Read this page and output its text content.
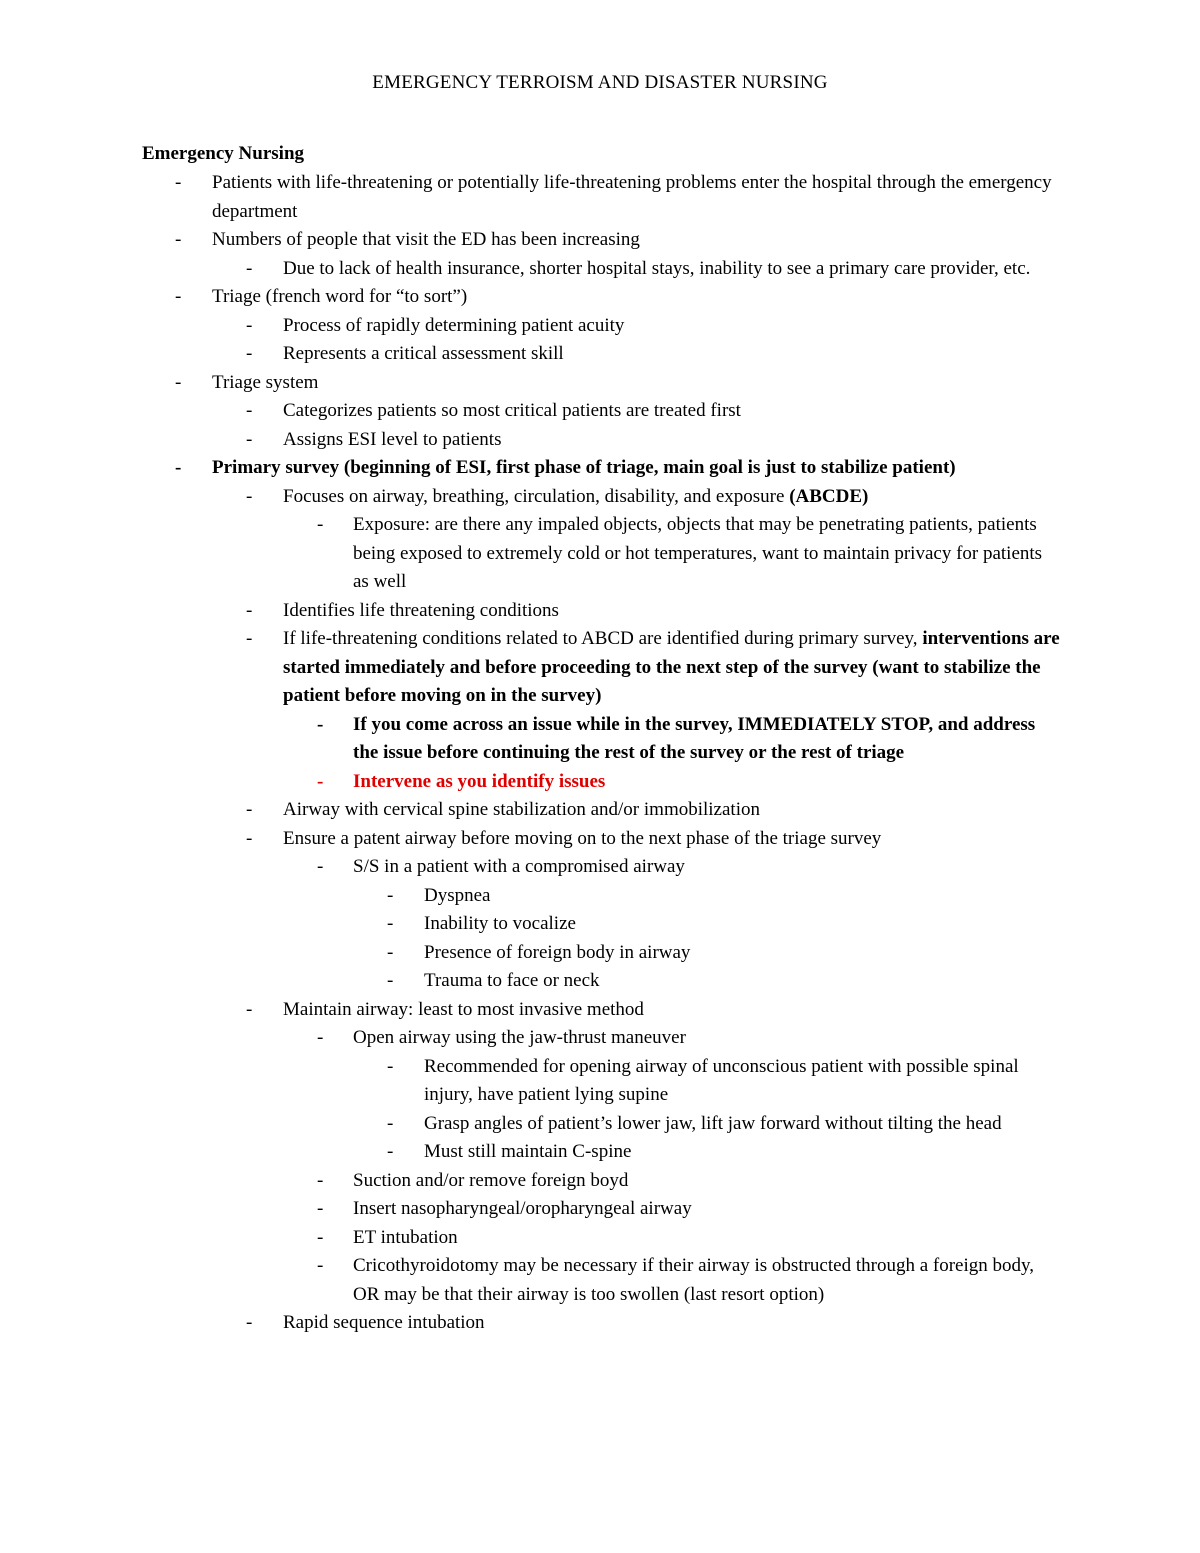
EMERGENCY TERROISM AND DISASTER NURSING
Emergency Nursing
- Patients with life-threatening or potentially life-threatening problems enter the hospital through the emergency department
- Numbers of people that visit the ED has been increasing
- Due to lack of health insurance, shorter hospital stays, inability to see a primary care provider, etc.
- Triage (french word for “to sort”)
- Process of rapidly determining patient acuity
- Represents a critical assessment skill
- Triage system
- Categorizes patients so most critical patients are treated first
- Assigns ESI level to patients
- Primary survey (beginning of ESI, first phase of triage, main goal is just to stabilize patient)
- Focuses on airway, breathing, circulation, disability, and exposure (ABCDE)
- Exposure: are there any impaled objects, objects that may be penetrating patients, patients being exposed to extremely cold or hot temperatures, want to maintain privacy for patients as well
- Identifies life threatening conditions
- If life-threatening conditions related to ABCD are identified during primary survey, interventions are started immediately and before proceeding to the next step of the survey (want to stabilize the patient before moving on in the survey)
- If you come across an issue while in the survey, IMMEDIATELY STOP, and address the issue before continuing the rest of the survey or the rest of triage
- Intervene as you identify issues
- Airway with cervical spine stabilization and/or immobilization
- Ensure a patent airway before moving on to the next phase of the triage survey
- S/S in a patient with a compromised airway
- Dyspnea
- Inability to vocalize
- Presence of foreign body in airway
- Trauma to face or neck
- Maintain airway: least to most invasive method
- Open airway using the jaw-thrust maneuver
- Recommended for opening airway of unconscious patient with possible spinal injury, have patient lying supine
- Grasp angles of patient’s lower jaw, lift jaw forward without tilting the head
- Must still maintain C-spine
- Suction and/or remove foreign boyd
- Insert nasopharyngeal/oropharyngeal airway
- ET intubation
- Cricothyroidotomy may be necessary if their airway is obstructed through a foreign body, OR may be that their airway is too swollen (last resort option)
- Rapid sequence intubation
